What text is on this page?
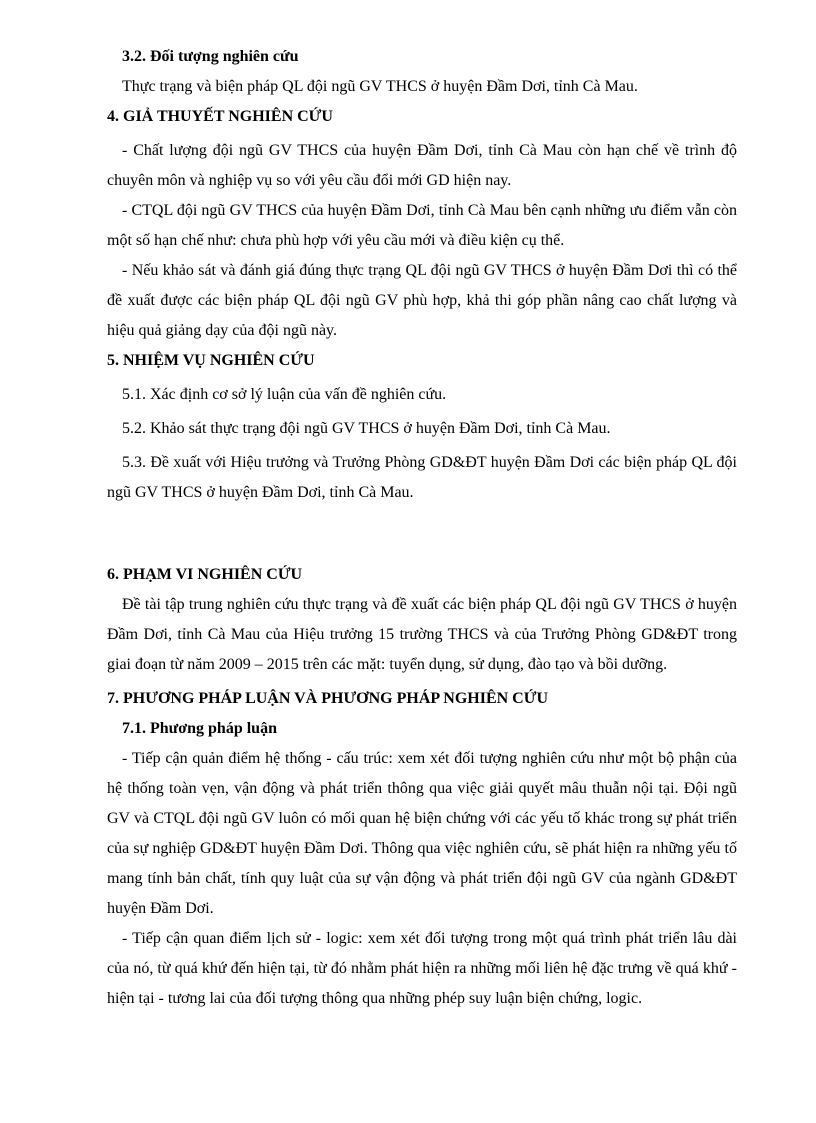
3.2. Đối tượng nghiên cứu

Thực trạng và biện pháp QL đội ngũ GV THCS ở huyện Đầm Dơi, tỉnh Cà Mau.

4. GIẢ THUYẾT NGHIÊN CỨU

- Chất lượng đội ngũ GV THCS của huyện Đầm Dơi, tỉnh Cà Mau còn hạn chế về trình độ chuyên môn và nghiệp vụ so với yêu cầu đổi mới GD hiện nay.

- CTQL đội ngũ GV THCS của huyện Đầm Dơi, tỉnh Cà Mau bên cạnh những ưu điểm vẫn còn một số hạn chế như: chưa phù hợp với yêu cầu mới và điều kiện cụ thể.

- Nếu khảo sát và đánh giá đúng thực trạng QL đội ngũ GV THCS ở huyện Đầm Dơi thì có thể đề xuất được các biện pháp QL đội ngũ GV phù hợp, khả thi góp phần nâng cao chất lượng và hiệu quả giảng dạy của đội ngũ này.

5. NHIỆM VỤ NGHIÊN CỨU

5.1. Xác định cơ sở lý luận của vấn đề nghiên cứu.

5.2. Khảo sát thực trạng đội ngũ GV THCS ở huyện Đầm Dơi, tỉnh Cà Mau.

5.3. Đề xuất với Hiệu trưởng và Trưởng Phòng GD&ĐT huyện Đầm Dơi các biện pháp QL đội ngũ GV THCS ở huyện Đầm Dơi, tỉnh Cà Mau.

6. PHẠM VI NGHIÊN CỨU

Đề tài tập trung nghiên cứu thực trạng và đề xuất các biện pháp QL đội ngũ GV THCS ở huyện Đầm Dơi, tỉnh Cà Mau của Hiệu trưởng 15 trường THCS và của Trưởng Phòng GD&ĐT trong giai đoạn từ năm 2009 – 2015 trên các mặt: tuyển dụng, sử dụng, đào tạo và bồi dưỡng.

7. PHƯƠNG PHÁP LUẬN VÀ PHƯƠNG PHÁP NGHIÊN CỨU
7.1. Phương pháp luận

- Tiếp cận quản điểm hệ thống - cấu trúc: xem xét đối tượng nghiên cứu như một bộ phận của hệ thống toàn vẹn, vận động và phát triển thông qua việc giải quyết mâu thuẫn nội tại. Đội ngũ GV và CTQL đội ngũ GV luôn có mối quan hệ biện chứng với các yếu tố khác trong sự phát triển của sự nghiệp GD&ĐT huyện Đầm Dơi. Thông qua việc nghiên cứu, sẽ phát hiện ra những yếu tố mang tính bản chất, tính quy luật của sự vận động và phát triển đội ngũ GV của ngành GD&ĐT huyện Đầm Dơi.

- Tiếp cận quan điểm lịch sử - logic: xem xét đối tượng trong một quá trình phát triển lâu dài của nó, từ quá khứ đến hiện tại, từ đó nhằm phát hiện ra những mối liên hệ đặc trưng về quá khứ - hiện tại - tương lai của đối tượng thông qua những phép suy luận biện chứng, logic.
